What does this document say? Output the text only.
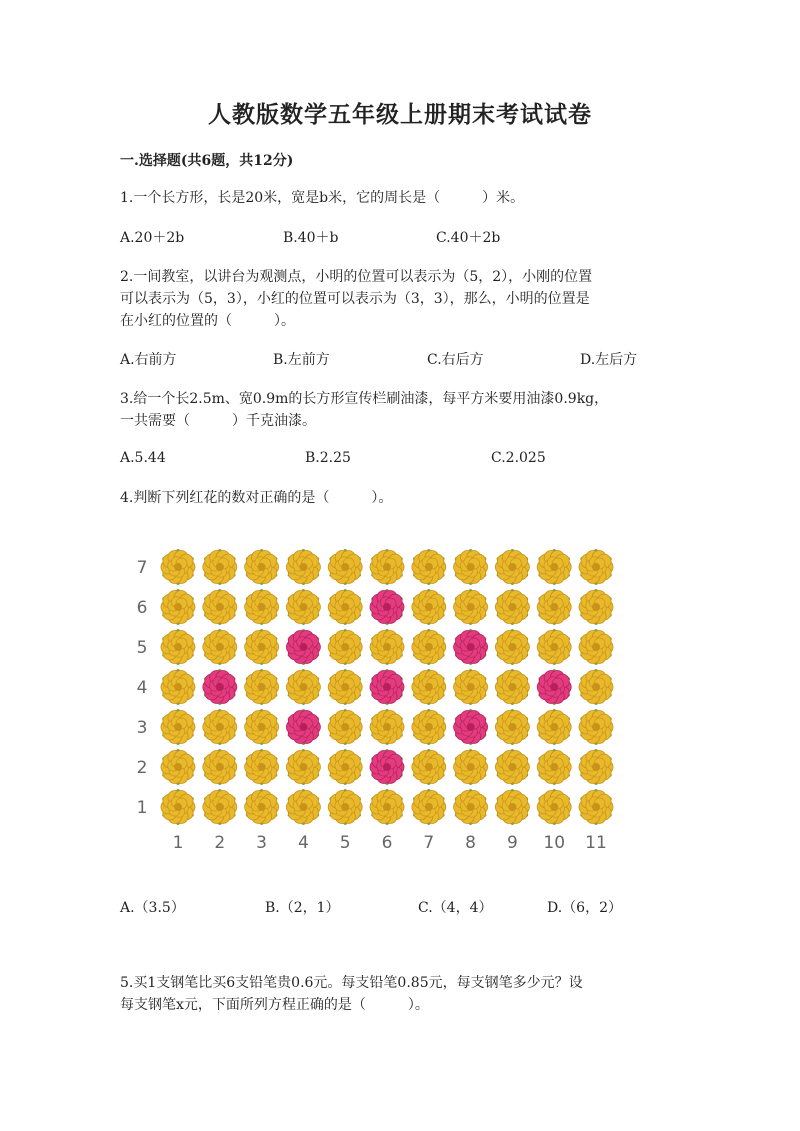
人教版数学五年级上册期末考试试卷
一.选择题(共6题，共12分)
1.一个长方形，长是20米，宽是b米，它的周长是（　　　）米。
A.20＋2b	B.40＋b	C.40＋2b
2.一间教室，以讲台为观测点，小明的位置可以表示为（5，2），小刚的位置
可以表示为（5，3），小红的位置可以表示为（3，3），那么，小明的位置是
在小红的位置的（　　　）。
A.右前方	B.左前方	C.右后方	D.左后方
3.给一个长2.5m、宽0.9m的长方形宣传栏刷油漆，每平方米要用油漆0.9kg，
一共需要（　　　）千克油漆。
A.5.44	B.2.25	C.2.025
4.判断下列红花的数对正确的是（　　　）。
1
2
3
4
5
6
7
1 2 3 4 5 6 7 8 9 10 11
A.（3.5）	B.（2，1）	C.（4，4）	D.（6，2）
5.买1支钢笔比买6支铅笔贵0.6元。每支铅笔0.85元，每支钢笔多少元？设
每支钢笔x元，下面所列方程正确的是（　　　）。
